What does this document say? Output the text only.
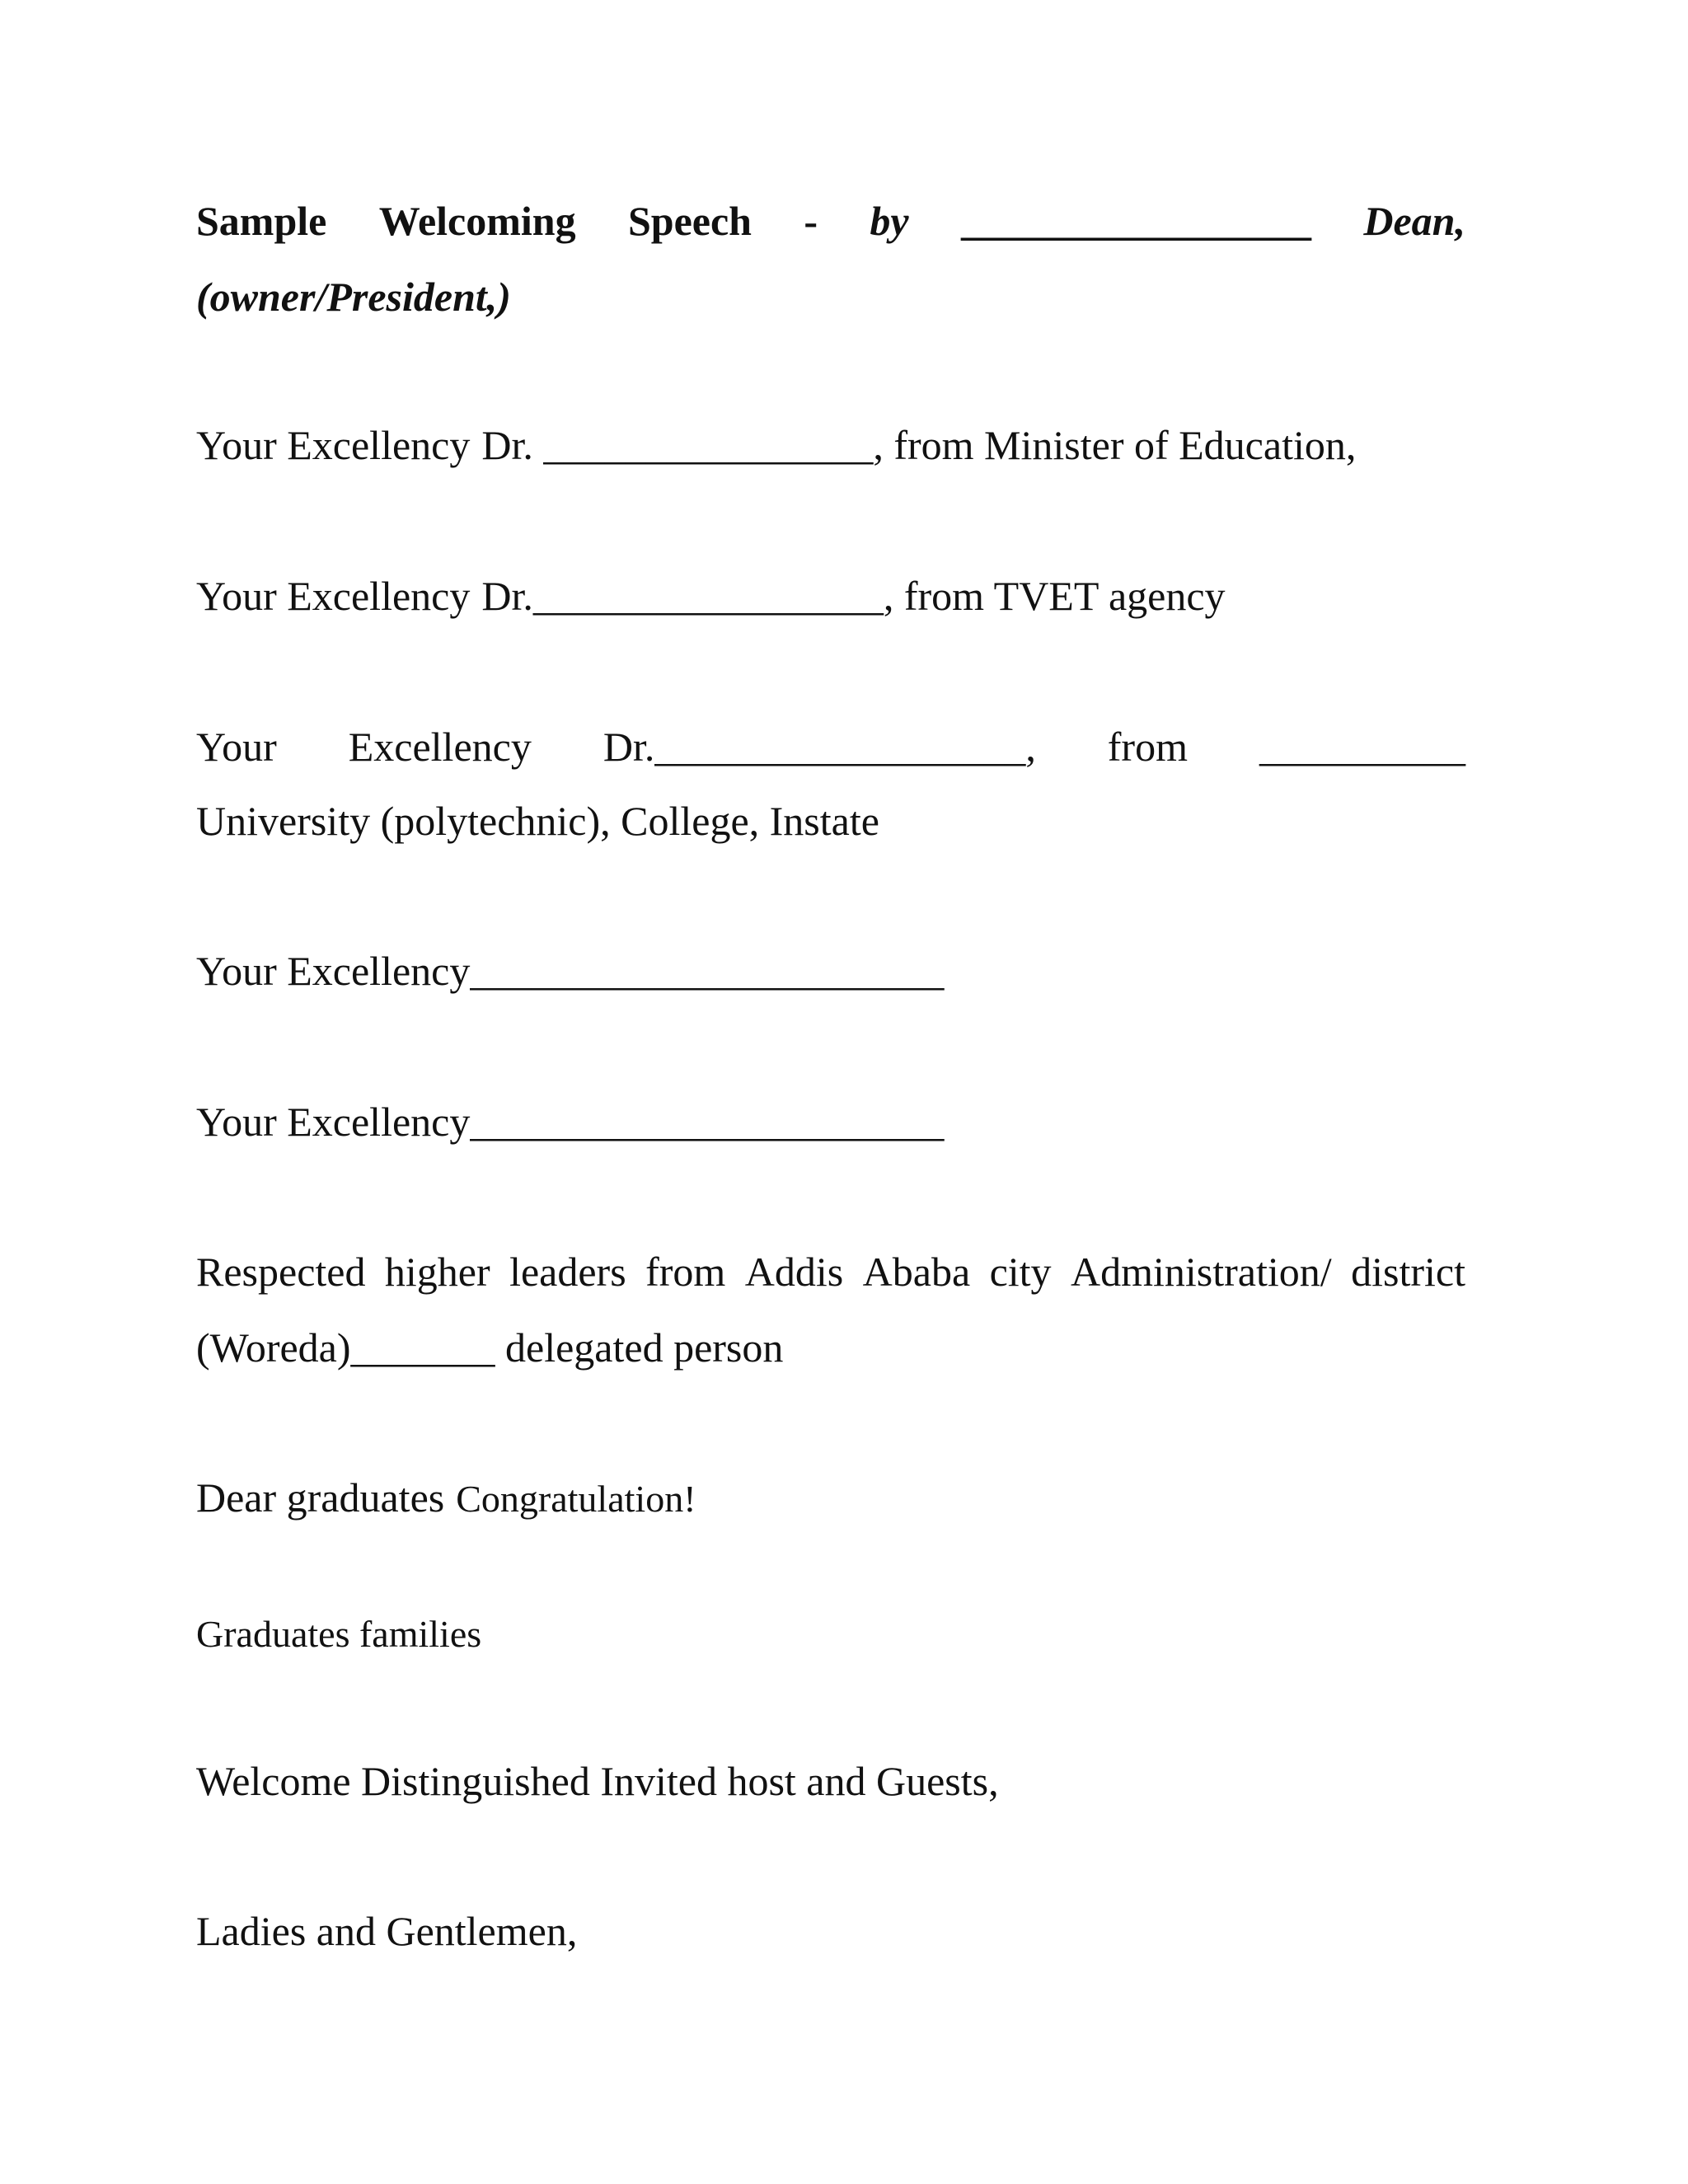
Sample Welcoming Speech - by _________________ Dean,
(owner/President,)
Your Excellency Dr. ________________, from Minister of Education,
Your Excellency Dr._________________, from TVET agency
Your Excellency Dr.__________________, from __________
University (polytechnic), College, Instate
Your Excellency_______________________
Your Excellency_______________________
Respected higher leaders from Addis Ababa city Administration/ district
(Woreda)_______ delegated person
Dear graduates Congratulation!
Graduates families
Welcome Distinguished Invited host and Guests,
Ladies and Gentlemen,
